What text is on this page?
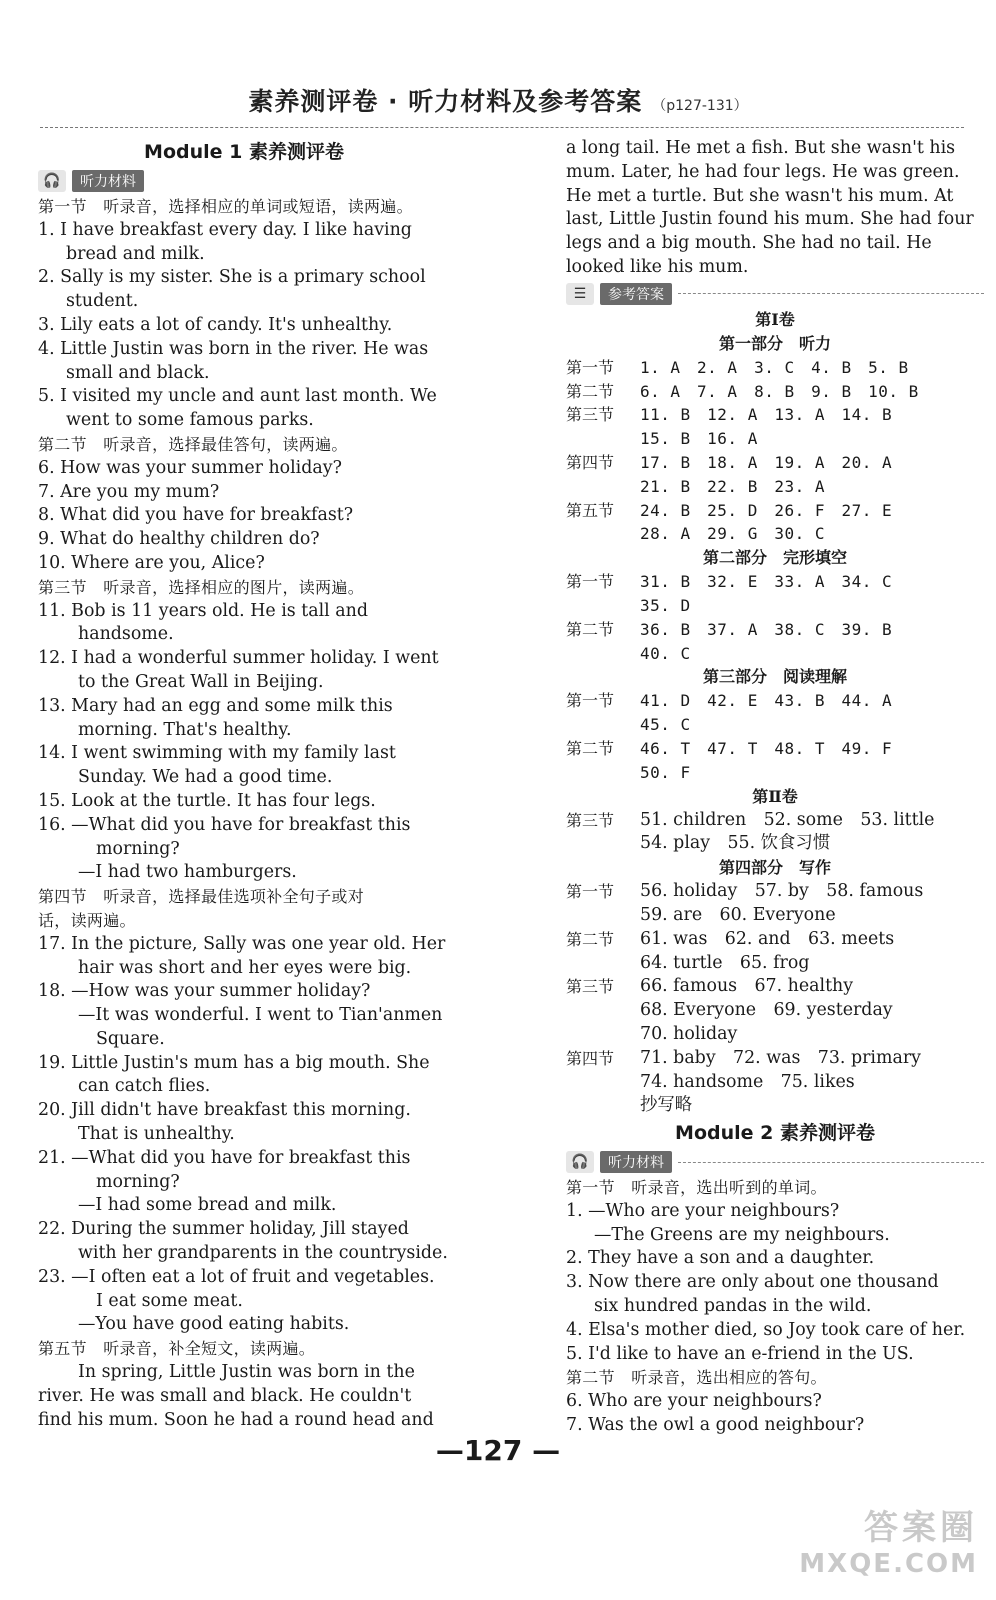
素养测评卷 · 听力材料及参考答案 （p127-131）
Module 1 素养测评卷
🎧	听力材料
第一节　听录音，选择相应的单词或短语，读两遍。
1. I have breakfast every day. I like having
bread and milk.
2. Sally is my sister. She is a primary school
student.
3. Lily eats a lot of candy. It's unhealthy.
4. Little Justin was born in the river. He was
small and black.
5. I visited my uncle and aunt last month. We
went to some famous parks.
第二节　听录音，选择最佳答句，读两遍。
6. How was your summer holiday?
7. Are you my mum?
8. What did you have for breakfast?
9. What do healthy children do?
10. Where are you, Alice?
第三节　听录音，选择相应的图片，读两遍。
11. Bob is 11 years old. He is tall and
handsome.
12. I had a wonderful summer holiday. I went
to the Great Wall in Beijing.
13. Mary had an egg and some milk this
morning. That's healthy.
14. I went swimming with my family last
Sunday. We had a good time.
15. Look at the turtle. It has four legs.
16. —What did you have for breakfast this
morning?
—I had two hamburgers.
第四节　听录音，选择最佳选项补全句子或对
话，读两遍。
17. In the picture, Sally was one year old. Her
hair was short and her eyes were big.
18. —How was your summer holiday?
—It was wonderful. I went to Tian'anmen
Square.
19. Little Justin's mum has a big mouth. She
can catch flies.
20. Jill didn't have breakfast this morning.
That is unhealthy.
21. —What did you have for breakfast this
morning?
—I had some bread and milk.
22. During the summer holiday, Jill stayed
with her grandparents in the countryside.
23. —I often eat a lot of fruit and vegetables.
I eat some meat.
—You have good eating habits.
第五节　听录音，补全短文，读两遍。
In spring, Little Justin was born in the
river. He was small and black. He couldn't
find his mum. Soon he had a round head and
a long tail. He met a fish. But she wasn't his
mum. Later, he had four legs. He was green.
He met a turtle. But she wasn't his mum. At
last, Little Justin found his mum. She had four
legs and a big mouth. She had no tail. He
looked like his mum.
☰	参考答案
第Ⅰ卷
第一部分　听力
第一节	1. A　2. A　3. C　4. B　5. B
第二节	6. A　7. A　8. B　9. B　10. B
第三节	11. B　12. A　13. A　14. B
15. B　16. A
第四节	17. B　18. A　19. A　20. A
21. B　22. B　23. A
第五节	24. B　25. D　26. F　27. E
28. A　29. G　30. C
第二部分　完形填空
第一节	31. B　32. E　33. A　34. C
35. D
第二节	36. B　37. A　38. C　39. B
40. C
第三部分　阅读理解
第一节	41. D　42. E　43. B　44. A
45. C
第二节	46. T　47. T　48. T　49. F
50. F
第Ⅱ卷
第三节	51. children　52. some　53. little
54. play　55. 饮食习惯
第四部分　写作
第一节	56. holiday　57. by　58. famous
59. are　60. Everyone
第二节	61. was　62. and　63. meets
64. turtle　65. frog
第三节	66. famous　67. healthy
68. Everyone　69. yesterday
70. holiday
第四节	71. baby　72. was　73. primary
74. handsome　75. likes
抄写略
Module 2 素养测评卷
🎧	听力材料
第一节　听录音，选出听到的单词。
1. —Who are your neighbours?
—The Greens are my neighbours.
2. They have a son and a daughter.
3. Now there are only about one thousand
six hundred pandas in the wild.
4. Elsa's mother died, so Joy took care of her.
5. I'd like to have an e-friend in the US.
第二节　听录音，选出相应的答句。
6. Who are your neighbours?
7. Was the owl a good neighbour?
—127 —
答案圈
MXQE.COM
